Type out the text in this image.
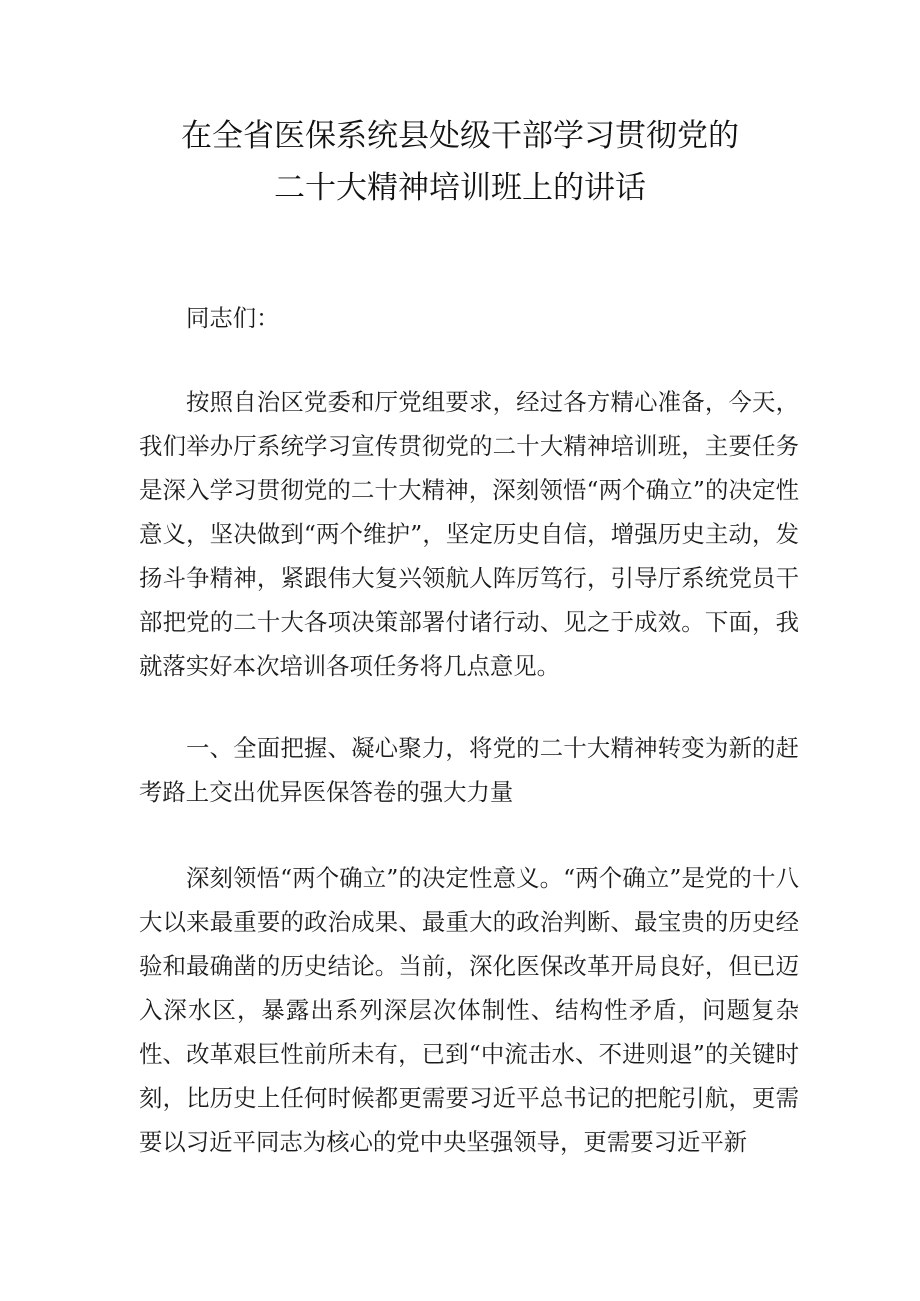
在全省医保系统县处级干部学习贯彻党的
二十大精神培训班上的讲话

同志们：

按照自治区党委和厅党组要求，经过各方精心准备，今天，我们举办厅系统学习宣传贯彻党的二十大精神培训班，主要任务是深入学习贯彻党的二十大精神，深刻领悟“两个确立”的决定性意义，坚决做到“两个维护”，坚定历史自信，增强历史主动，发扬斗争精神，紧跟伟大复兴领航人阵厉笃行，引导厅系统党员干部把党的二十大各项决策部署付诸行动、见之于成效。下面，我就落实好本次培训各项任务将几点意见。

一、全面把握、凝心聚力，将党的二十大精神转变为新的赶考路上交出优异医保答卷的强大力量

深刻领悟“两个确立”的决定性意义。“两个确立”是党的十八大以来最重要的政治成果、最重大的政治判断、最宝贵的历史经验和最确凿的历史结论。当前，深化医保改革开局良好，但已迈入深水区，暴露出系列深层次体制性、结构性矛盾，问题复杂性、改革艰巨性前所未有，已到“中流击水、不进则退”的关键时刻，比历史上任何时候都更需要习近平总书记的把舵引航，更需要以习近平同志为核心的党中央坚强领导，更需要习近平新
